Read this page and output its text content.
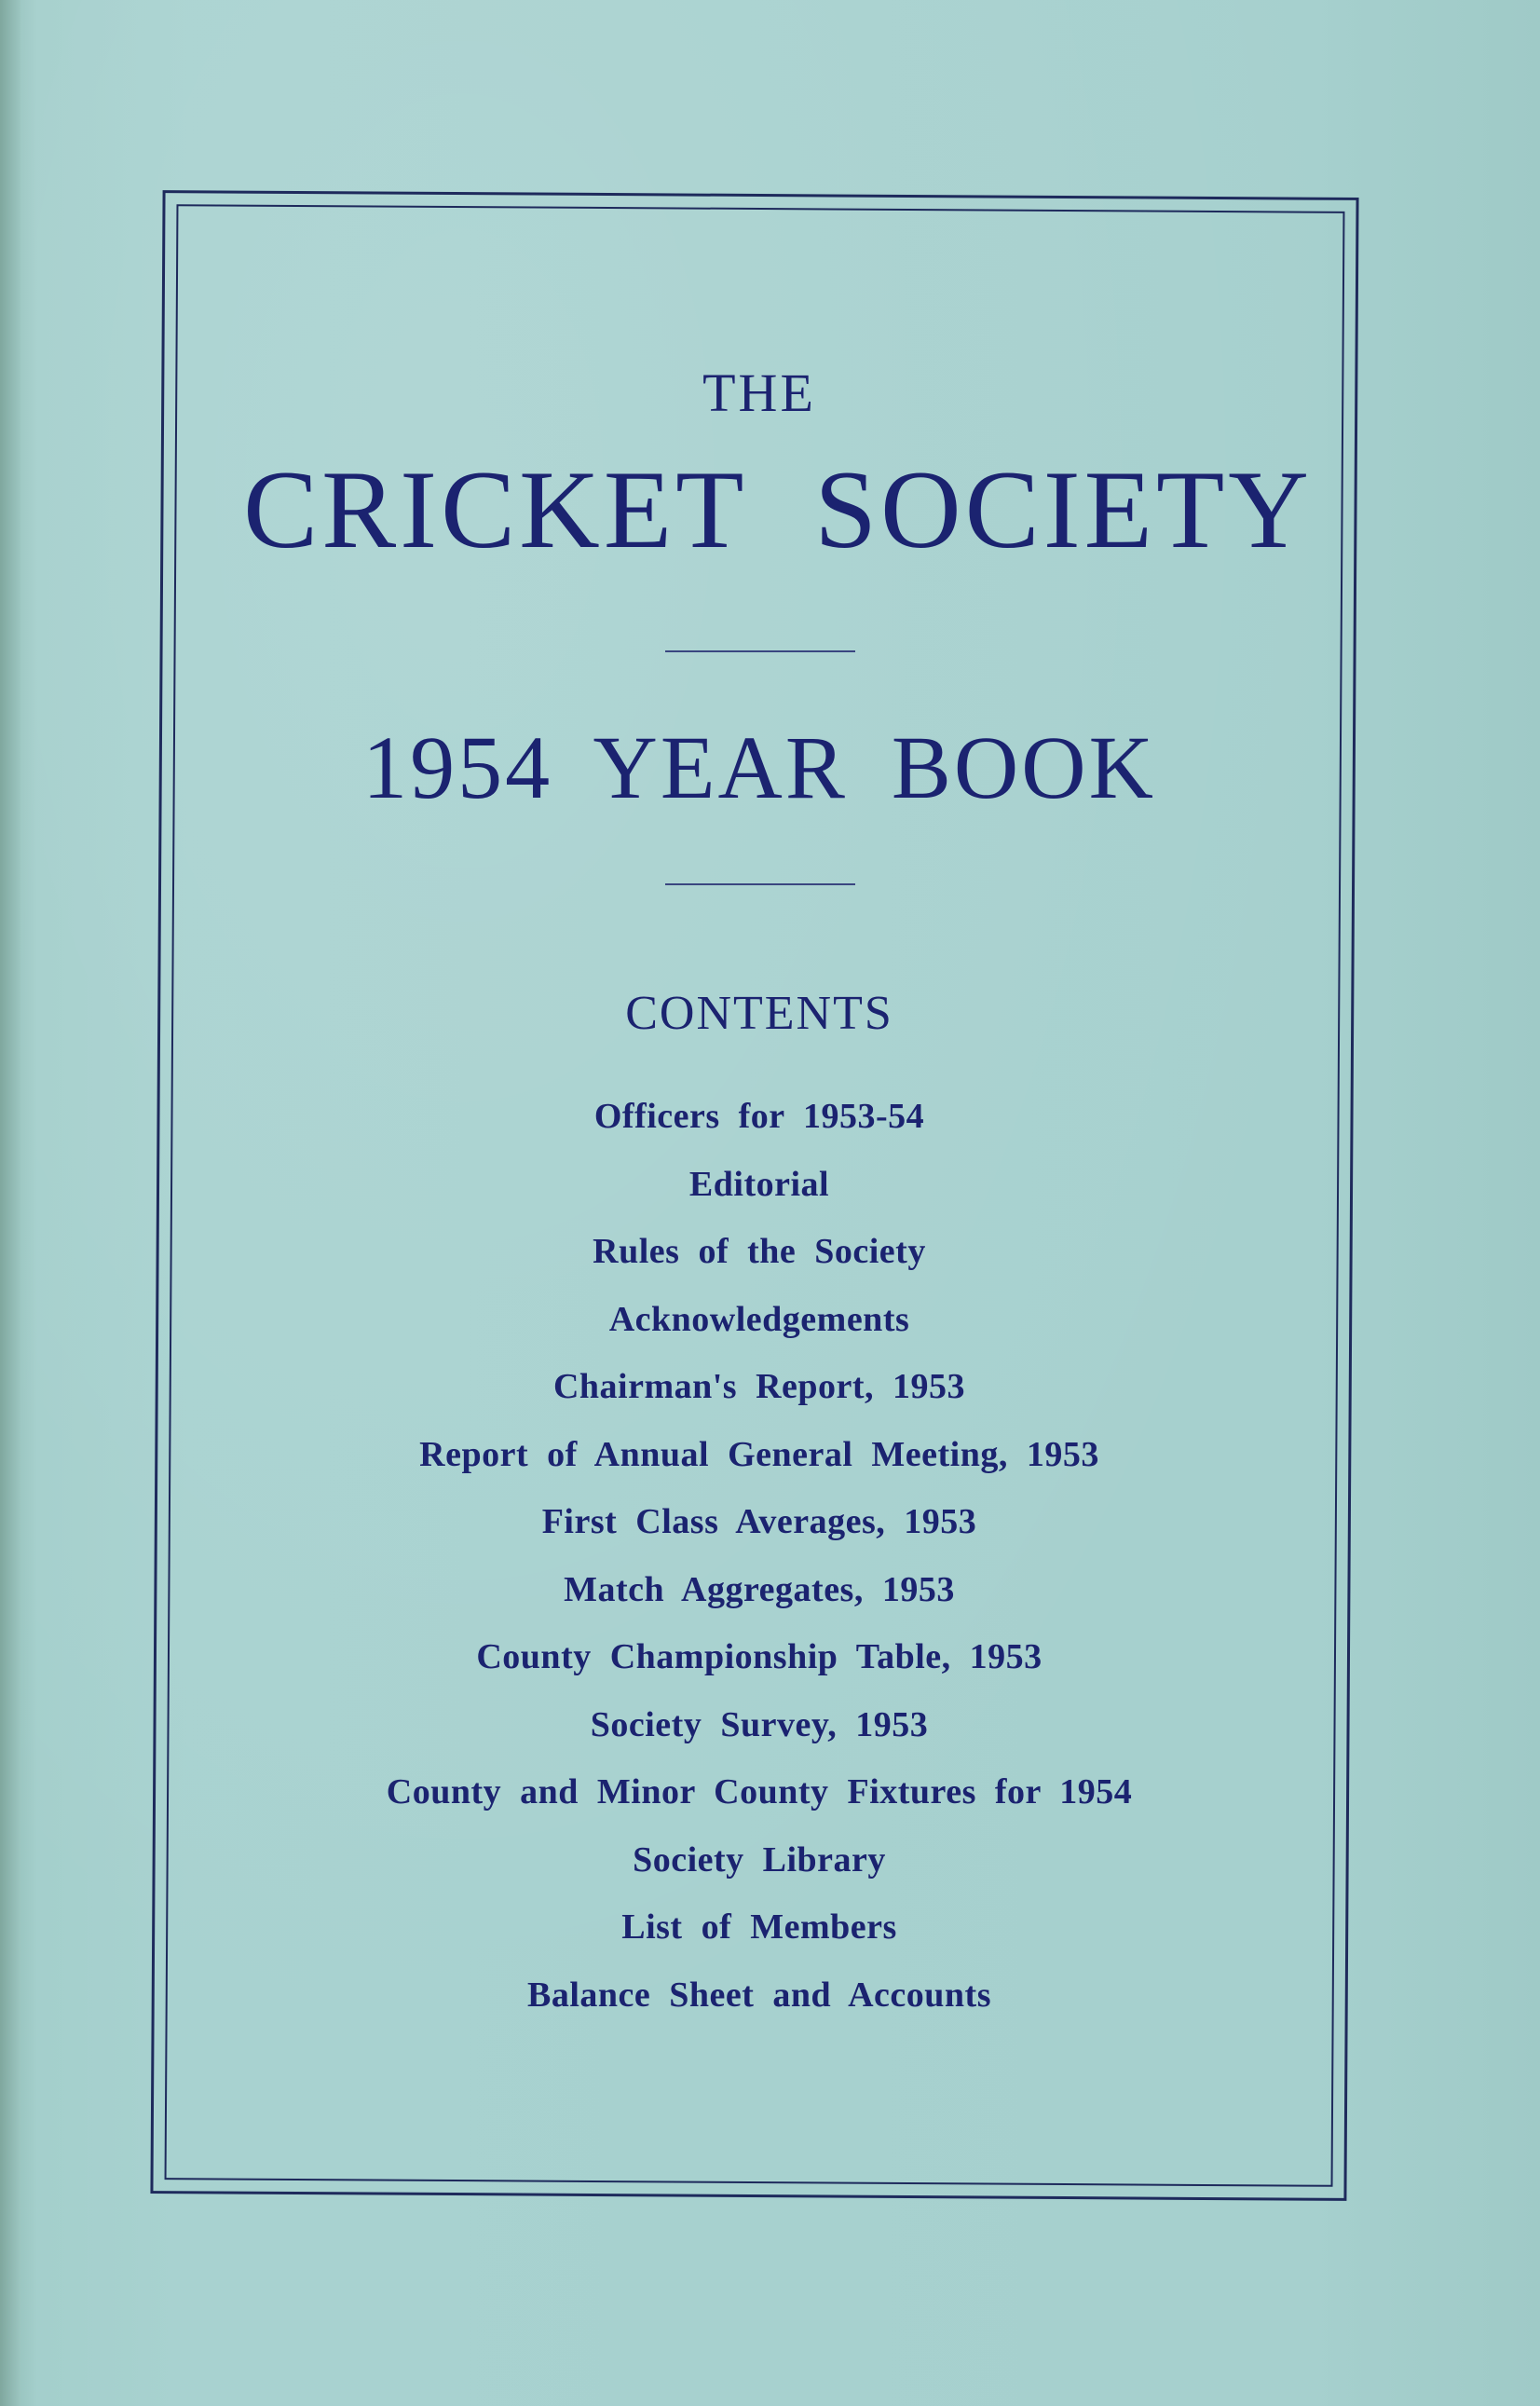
THE
CRICKET SOCIETY
1954 YEAR BOOK
CONTENTS
Officers for 1953-54
Editorial
Rules of the Society
Acknowledgements
Chairman's Report, 1953
Report of Annual General Meeting, 1953
First Class Averages, 1953
Match Aggregates, 1953
County Championship Table, 1953
Society Survey, 1953
County and Minor County Fixtures for 1954
Society Library
List of Members
Balance Sheet and Accounts
